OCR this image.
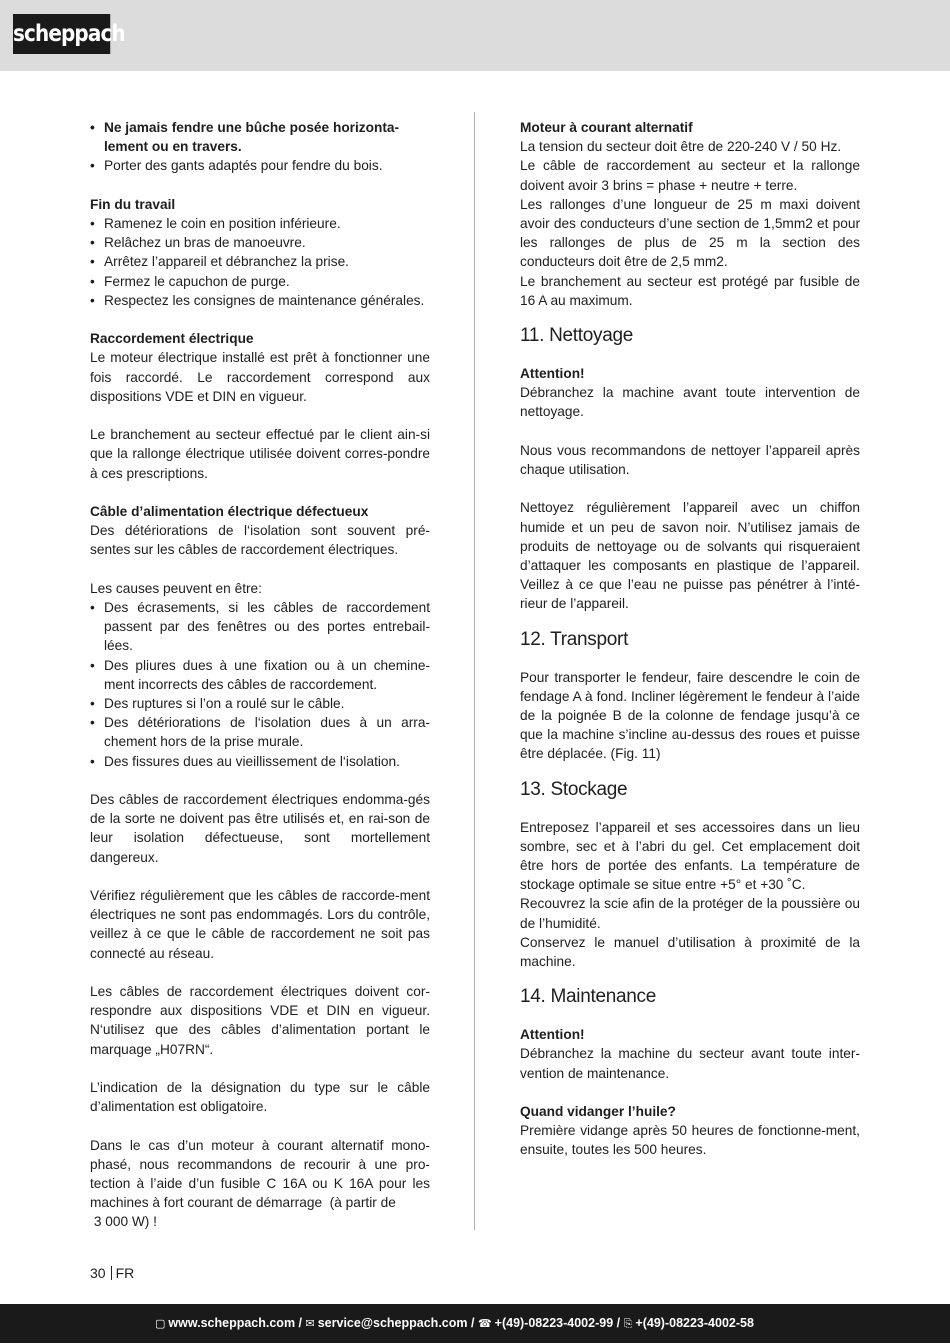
scheppach
• Ne jamais fendre une bûche posée horizonta-
lement ou en travers.
• Porter des gants adaptés pour fendre du bois.

Fin du travail

• Ramenez le coin en position inférieure.
• Relâchez un bras de manoeuvre.
• Arrêtez l’appareil et débranchez la prise.
• Fermez le capuchon de purge.
• Respectez les consignes de maintenance générales.

Raccordement électrique

Le moteur électrique installé est prêt à fonctionner une fois raccordé. Le raccordement correspond aux dispositions VDE et DIN en vigueur.

Le branchement au secteur effectué par le client ain-si que la rallonge électrique utilisée doivent corres-pondre à ces prescriptions.

Câble d’alimentation électrique défectueux

Des détériorations de l‘isolation sont souvent pré-sentes sur les câbles de raccordement électriques.

Les causes peuvent en être:

• Des écrasements, si les câbles de raccordement passent par des fenêtres ou des portes entrebail-lées.
• Des pliures dues à une fixation ou à un chemine-ment incorrects des câbles de raccordement.
• Des ruptures si l’on a roulé sur le câble.
• Des détériorations de l‘isolation dues à un arra-chement hors de la prise murale.
• Des fissures dues au vieillissement de l‘isolation.

Des câbles de raccordement électriques endomma-gés de la sorte ne doivent pas être utilisés et, en rai-son de leur isolation défectueuse, sont mortellement dangereux.

Vérifiez régulièrement que les câbles de raccorde-ment électriques ne sont pas endommagés. Lors du contrôle, veillez à ce que le câble de raccordement ne soit pas connecté au réseau.

Les câbles de raccordement électriques doivent cor-respondre aux dispositions VDE et DIN en vigueur. N‘utilisez que des câbles d’alimentation portant le marquage „H07RN“.

L’indication de la désignation du type sur le câble d’alimentation est obligatoire.

Dans le cas d’un moteur à courant alternatif mono-phasé, nous recommandons de recourir à une pro-tection à l’aide d’un fusible C 16A ou K 16A pour les machines à fort courant de démarrage (à partir de

3 000 W) !

Moteur à courant alternatif

La tension du secteur doit être de 220-240 V / 50 Hz.

Le câble de raccordement au secteur et la rallonge doivent avoir 3 brins = phase + neutre + terre.

Les rallonges d’une longueur de 25 m maxi doivent avoir des conducteurs d’une section de 1,5mm2 et pour les rallonges de plus de 25 m la section des conducteurs doit être de 2,5 mm2.

Le branchement au secteur est protégé par fusible de 16 A au maximum.

11. Nettoyage

Attention!

Débranchez la machine avant toute intervention de nettoyage.

Nous vous recommandons de nettoyer l’appareil après chaque utilisation.

Nettoyez régulièrement l’appareil avec un chiffon humide et un peu de savon noir. N’utilisez jamais de produits de nettoyage ou de solvants qui risqueraient d’attaquer les composants en plastique de l’appareil. Veillez à ce que l’eau ne puisse pas pénétrer à l’inté-rieur de l’appareil.

12. Transport

Pour transporter le fendeur, faire descendre le coin de fendage A à fond. Incliner légèrement le fendeur à l’aide de la poignée B de la colonne de fendage jusqu’à ce que la machine s’incline au-dessus des roues et puisse être déplacée. (Fig. 11)

13. Stockage

Entreposez l’appareil et ses accessoires dans un lieu sombre, sec et à l’abri du gel. Cet emplacement doit être hors de portée des enfants. La température de stockage optimale se situe entre +5° et +30 ˚C.

Recouvrez la scie afin de la protéger de la poussière ou de l’humidité.

Conservez le manuel d’utilisation à proximité de la machine.

14. Maintenance

Attention!

Débranchez la machine du secteur avant toute inter-vention de maintenance.

Quand vidanger l’huile?

Première vidange après 50 heures de fonctionne-ment, ensuite, toutes les 500 heures.

30 FR
▢ www.scheppach.com / ✉ service@scheppach.com / ☎ +(49)-08223-4002-99 / ⎘ +(49)-08223-4002-58
